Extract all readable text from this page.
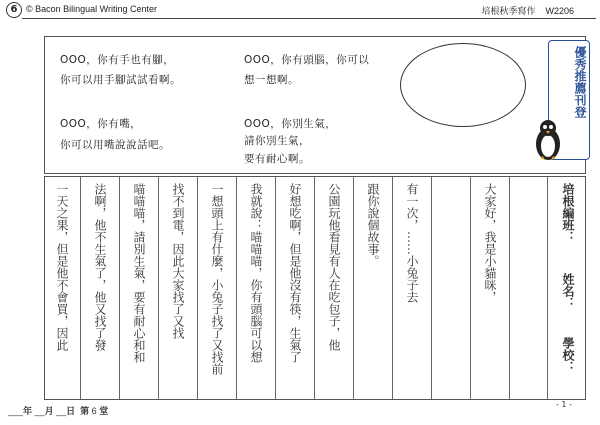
6 © Bacon Bilingual Writing Center	培根秋季寫作 W2206
OOO，你有手也有腳，
你可以用手腳試試看啊。
OOO，你有嘴，
你可以用嘴說說話吧。
OOO，你有頭腦，你可以
想一想啊。
OOO，你別生氣，
請你別生氣，
要有耐心啊。
優秀推薦刊登
一天之果，但是他不會買，因此 法啊，他不生氣了，他又找了發 喵喵喵，請別生氣，要有耐心和和 找不到電，因此大家找了又找 一想頭上有什麼，小兔子找了又找前 我就說：喵喵喵，你有頭腦可以想 好想吃啊，但是他沒有筷，生氣了 公園玩他看見有人在吃包子，他 跟你說個故事。 有一次，……小兔子去	大家好，我是小貓咪，	培根編班：
姓名：
學校：
___年 __月 __日 第 6 堂
- 1 -
